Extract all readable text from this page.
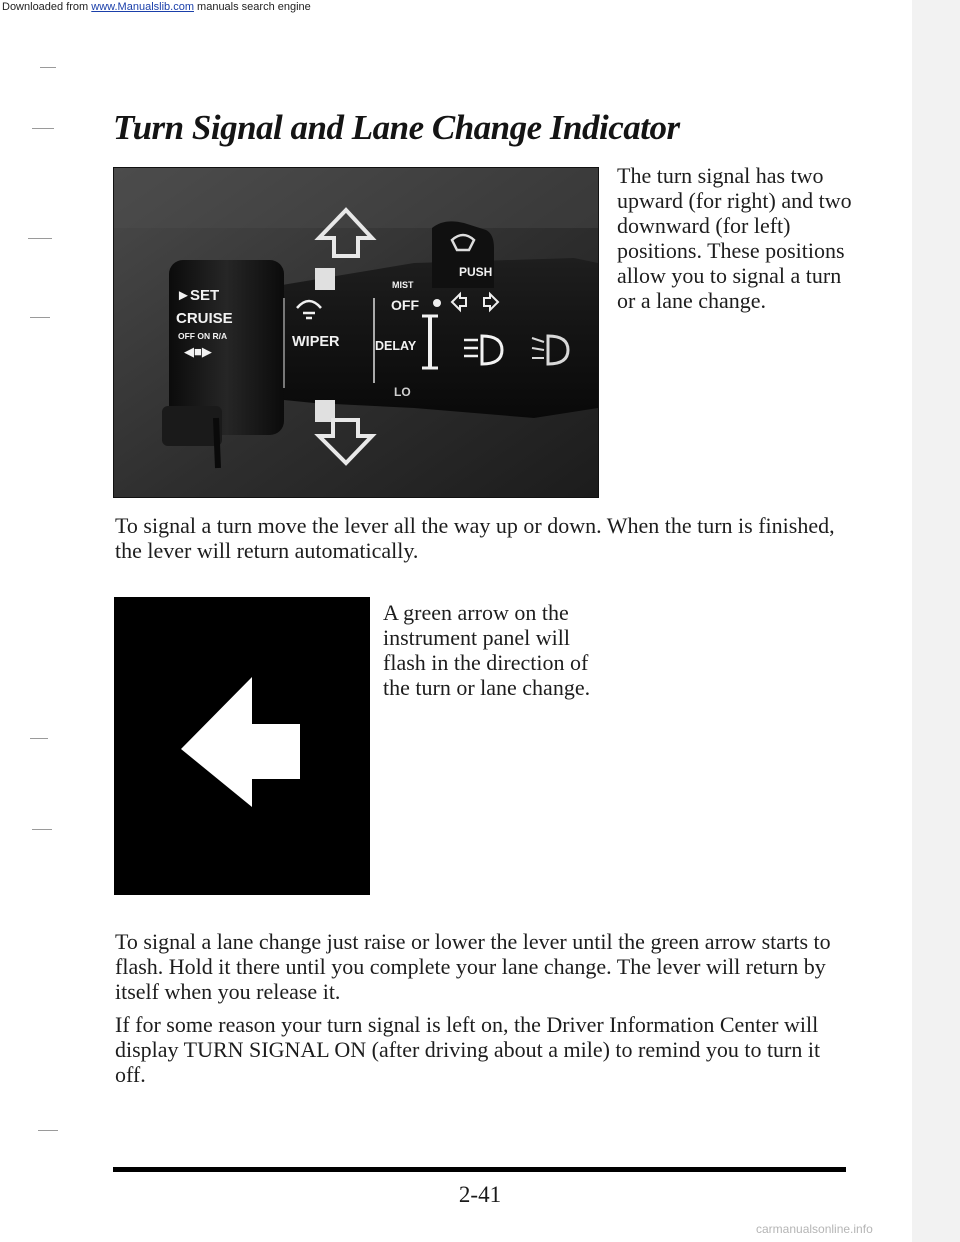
Downloaded from www.Manualslib.com manuals search engine
Turn Signal and Lane Change Indicator
► SET
CRUISE
OFF ON R/A
◀■▶
WIPER
MIST
OFF
PUSH
DELAY
LO

The turn signal has two upward (for right) and two downward (for left) positions. These positions allow you to signal a turn or a lane change.

To signal a turn move the lever all the way up or down. When the turn is finished, the lever will return automatically.

A green arrow on the instrument panel will flash in the direction of the turn or lane change.

To signal a lane change just raise or lower the lever until the green arrow starts to flash. Hold it there until you complete your lane change. The lever will return by itself when you release it.

If for some reason your turn signal is left on, the Driver Information Center will display TURN SIGNAL ON (after driving about a mile) to remind you to turn it off.

2-41
carmanualsonline.info
